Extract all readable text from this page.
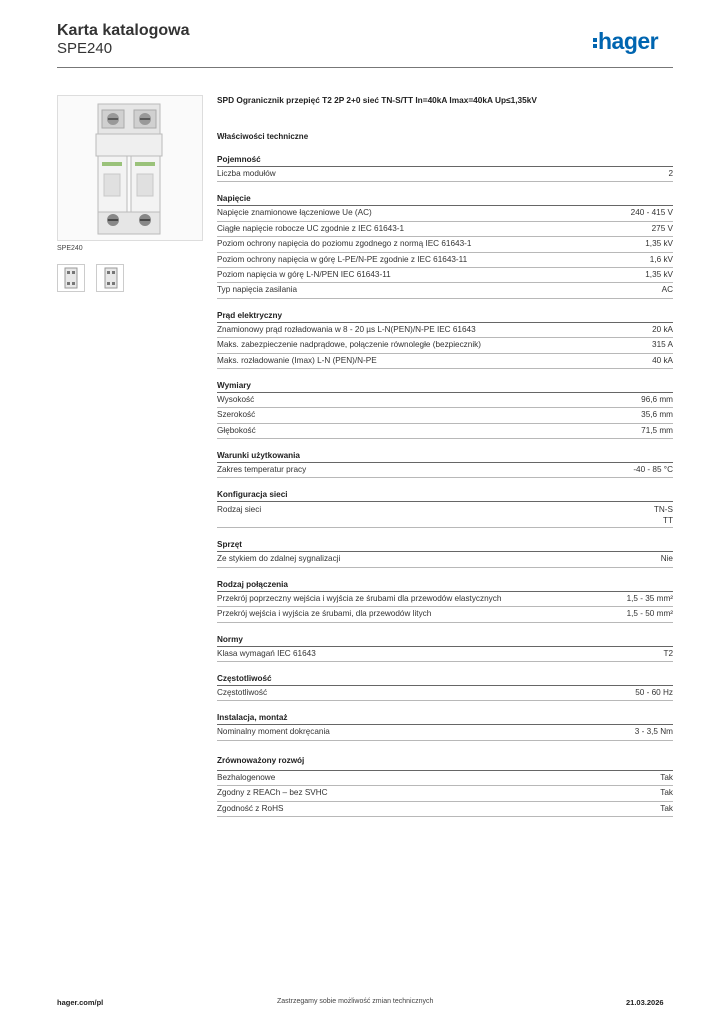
Karta katalogowa
SPE240	hager
SPE240
SPD Ogranicznik przepięć T2 2P 2+0 sieć TN-S/TT In=40kA Imax=40kA Up≤1,35kV
Właściwości techniczne
Pojemność
Liczba modułów	2
Napięcie
Napięcie znamionowe łączeniowe Ue (AC)	240 - 415 V
Ciągłe napięcie robocze UC zgodnie z IEC 61643-1	275 V
Poziom ochrony napięcia do poziomu zgodnego z normą IEC 61643-1	1,35 kV
Poziom ochrony napięcia w górę L-PE/N-PE zgodnie z IEC 61643-11	1,6 kV
Poziom napięcia w górę L-N/PEN IEC 61643-11	1,35 kV
Typ napięcia zasilania	AC
Prąd elektryczny
Znamionowy prąd rozładowania w 8 - 20 µs L-N(PEN)/N-PE IEC 61643	20 kA
Maks. zabezpieczenie nadprądowe, połączenie równoległe (bezpiecznik)	315 A
Maks. rozładowanie (Imax) L-N (PEN)/N-PE	40 kA
Wymiary
Wysokość	96,6 mm
Szerokość	35,6 mm
Głębokość	71,5 mm
Warunki użytkowania
Zakres temperatur pracy	-40 - 85 °C
Konfiguracja sieci
Rodzaj sieci	TN-S
TT
Sprzęt
Ze stykiem do zdalnej sygnalizacji	Nie
Rodzaj połączenia
Przekrój poprzeczny wejścia i wyjścia ze śrubami dla przewodów elastycznych	1,5 - 35 mm²
Przekrój wejścia i wyjścia ze śrubami, dla przewodów litych	1,5 - 50 mm²
Normy
Klasa wymagań IEC 61643	T2
Częstotliwość
Częstotliwość	50 - 60 Hz
Instalacja, montaż
Nominalny moment dokręcania	3 - 3,5 Nm
Zrównoważony rozwój
Bezhalogenowe	Tak
Zgodny z REACh – bez SVHC	Tak
Zgodność z RoHS	Tak
hager.com/pl	Zastrzegamy sobie możliwość zmian technicznych	21.03.2026
